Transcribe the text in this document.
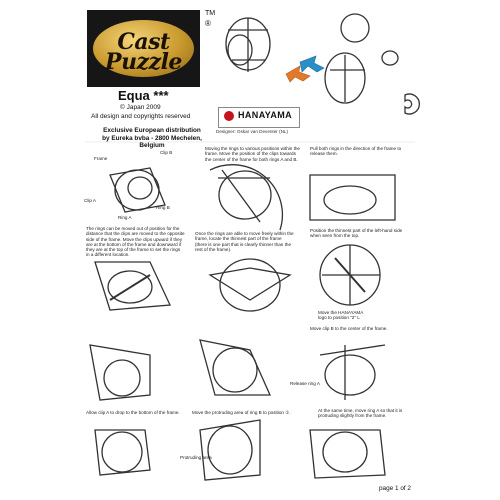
Cast
Puzzle
TM
®
Equa ***
© Japan 2009
All design and copyrights reserved
Exclusive European distribution
by Eureka bvba - 2800 Mechelen,
Belgium
HANAYAMA
Designer: Oskar van Deventer (NL)
Frame
Clip B
Clip A
Ring B
Ring A
Moving the rings to various positions within the
frame. Move the position of the clips towards
the center of the frame for both rings A and B.
Pull both rings in the direction of the frame to
release them.
The rings can be moved out of position for the
distance that the clips are moved to the opposite
side of the frame. Move the clips upward if they
are at the bottom of the frame and downward if
they are at the top of the frame to set the rings
in a different location.
Once the rings are able to move freely within the
frame, locate the thinnest part of the frame
(there is one part that is clearly thinner than the
rest of the frame).
Position the thinnest part of the left-hand side
when seen from the top.
Move the HANAYAMA
logo to position "2" L
Move clip B to the center of the frame.
Release ring A
Allow clip A to drop to the bottom of the frame.	Move the protruding area of ring B to position ②.
Protruding area
At the same time, move ring A so that it is
protruding slightly from the frame.
page 1 of 2
